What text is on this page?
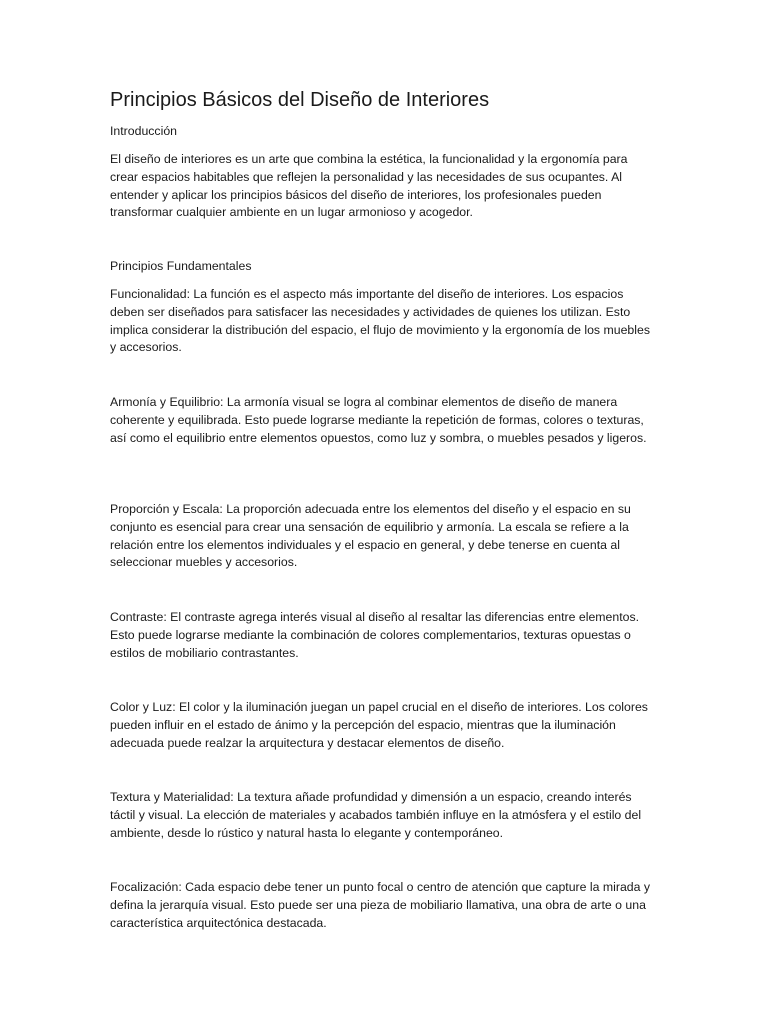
Principios Básicos del Diseño de Interiores

Introducción

El diseño de interiores es un arte que combina la estética, la funcionalidad y la ergonomía para crear espacios habitables que reflejen la personalidad y las necesidades de sus ocupantes. Al entender y aplicar los principios básicos del diseño de interiores, los profesionales pueden transformar cualquier ambiente en un lugar armonioso y acogedor.

Principios Fundamentales

Funcionalidad: La función es el aspecto más importante del diseño de interiores. Los espacios deben ser diseñados para satisfacer las necesidades y actividades de quienes los utilizan. Esto implica considerar la distribución del espacio, el flujo de movimiento y la ergonomía de los muebles y accesorios.

Armonía y Equilibrio: La armonía visual se logra al combinar elementos de diseño de manera coherente y equilibrada. Esto puede lograrse mediante la repetición de formas, colores o texturas, así como el equilibrio entre elementos opuestos, como luz y sombra, o muebles pesados y ligeros.

Proporción y Escala: La proporción adecuada entre los elementos del diseño y el espacio en su conjunto es esencial para crear una sensación de equilibrio y armonía. La escala se refiere a la relación entre los elementos individuales y el espacio en general, y debe tenerse en cuenta al seleccionar muebles y accesorios.

Contraste: El contraste agrega interés visual al diseño al resaltar las diferencias entre elementos. Esto puede lograrse mediante la combinación de colores complementarios, texturas opuestas o estilos de mobiliario contrastantes.

Color y Luz: El color y la iluminación juegan un papel crucial en el diseño de interiores. Los colores pueden influir en el estado de ánimo y la percepción del espacio, mientras que la iluminación adecuada puede realzar la arquitectura y destacar elementos de diseño.

Textura y Materialidad: La textura añade profundidad y dimensión a un espacio, creando interés táctil y visual. La elección de materiales y acabados también influye en la atmósfera y el estilo del ambiente, desde lo rústico y natural hasta lo elegante y contemporáneo.

Focalización: Cada espacio debe tener un punto focal o centro de atención que capture la mirada y defina la jerarquía visual. Esto puede ser una pieza de mobiliario llamativa, una obra de arte o una característica arquitectónica destacada.
